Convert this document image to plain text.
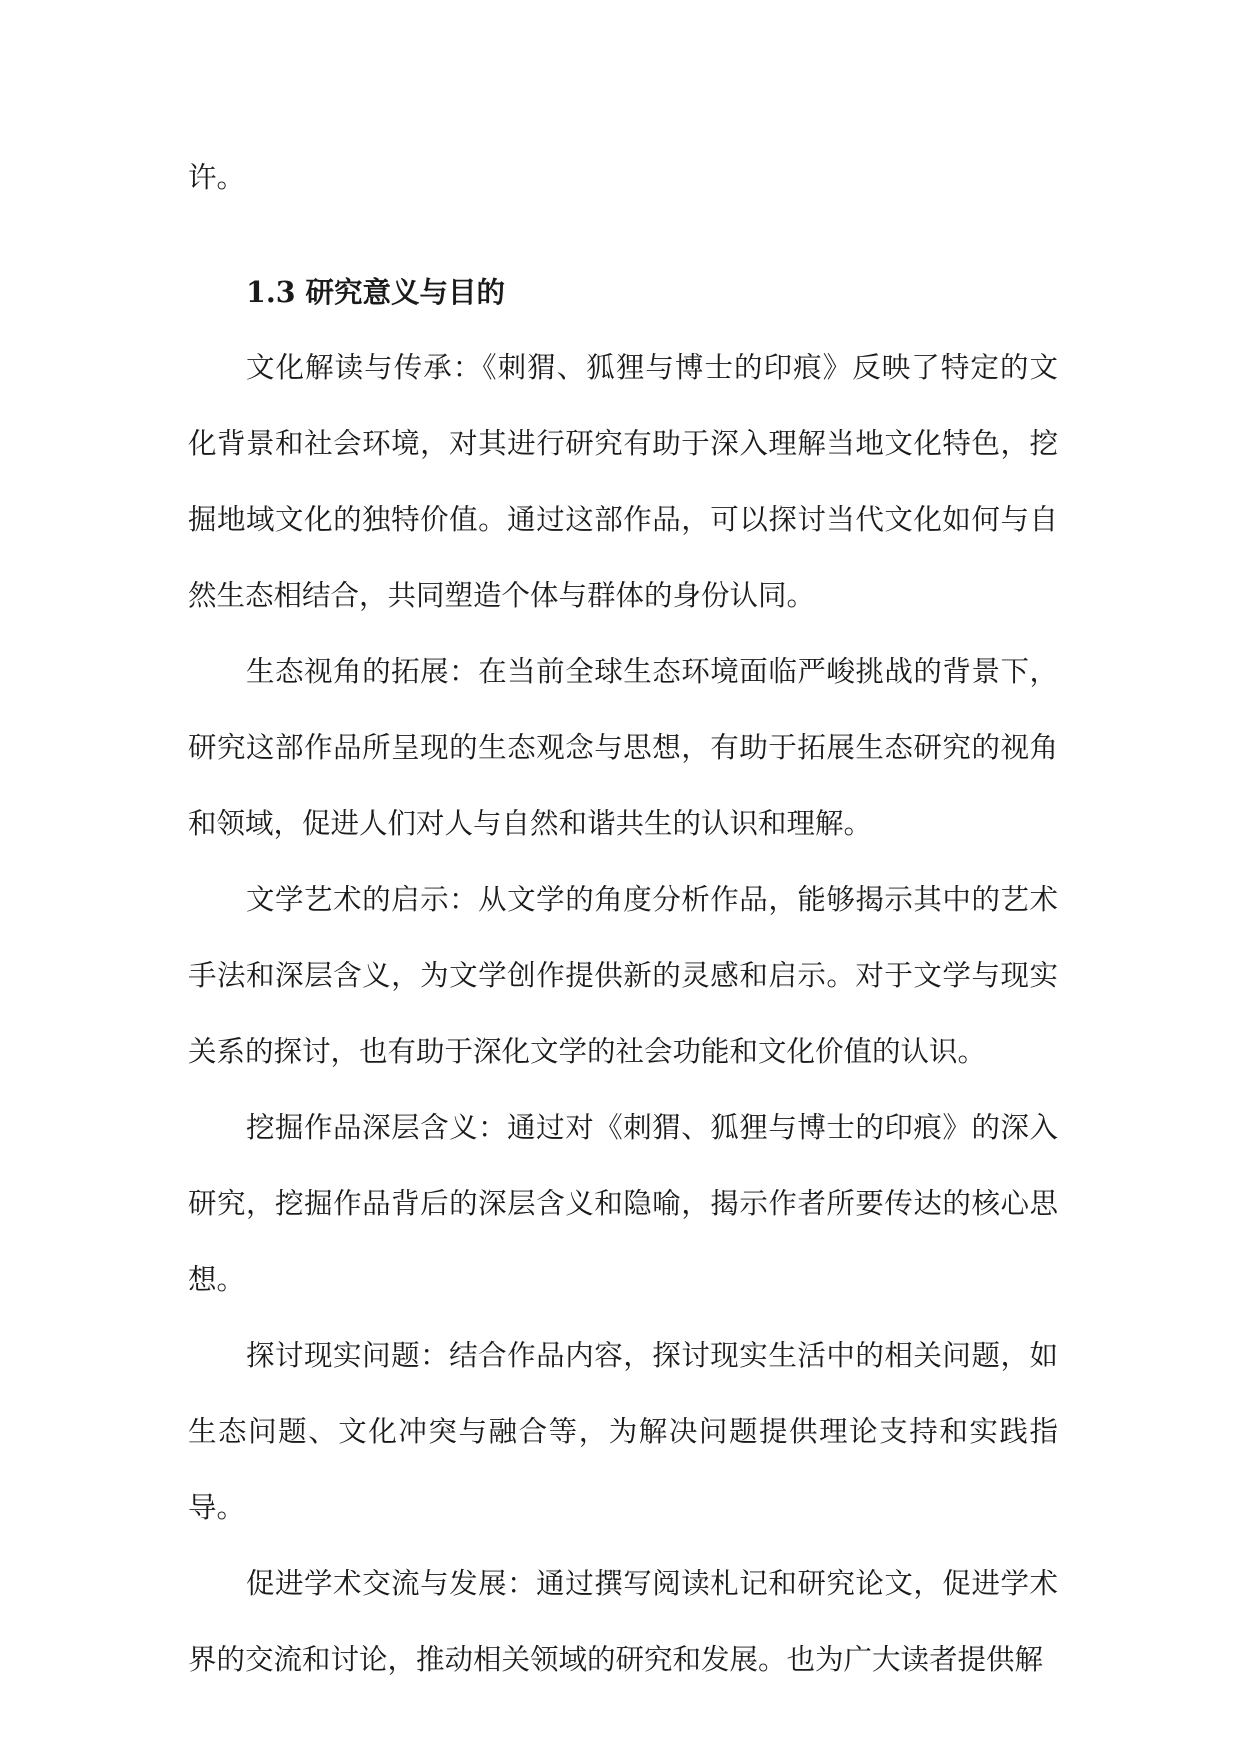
许。

1.3 研究意义与目的

文化解读与传承：《刺猬、狐狸与博士的印痕》反映了特定的文化背景和社会环境，对其进行研究有助于深入理解当地文化特色，挖掘地域文化的独特价值。通过这部作品，可以探讨当代文化如何与自然生态相结合，共同塑造个体与群体的身份认同。

生态视角的拓展：在当前全球生态环境面临严峻挑战的背景下，研究这部作品所呈现的生态观念与思想，有助于拓展生态研究的视角和领域，促进人们对人与自然和谐共生的认识和理解。

文学艺术的启示：从文学的角度分析作品，能够揭示其中的艺术手法和深层含义，为文学创作提供新的灵感和启示。对于文学与现实关系的探讨，也有助于深化文学的社会功能和文化价值的认识。

挖掘作品深层含义：通过对《刺猬、狐狸与博士的印痕》的深入研究，挖掘作品背后的深层含义和隐喻，揭示作者所要传达的核心思想。

探讨现实问题：结合作品内容，探讨现实生活中的相关问题，如生态问题、文化冲突与融合等，为解决问题提供理论支持和实践指导。

促进学术交流与发展：通过撰写阅读札记和研究论文，促进学术界的交流和讨论，推动相关领域的研究和发展。也为广大读者提供解
